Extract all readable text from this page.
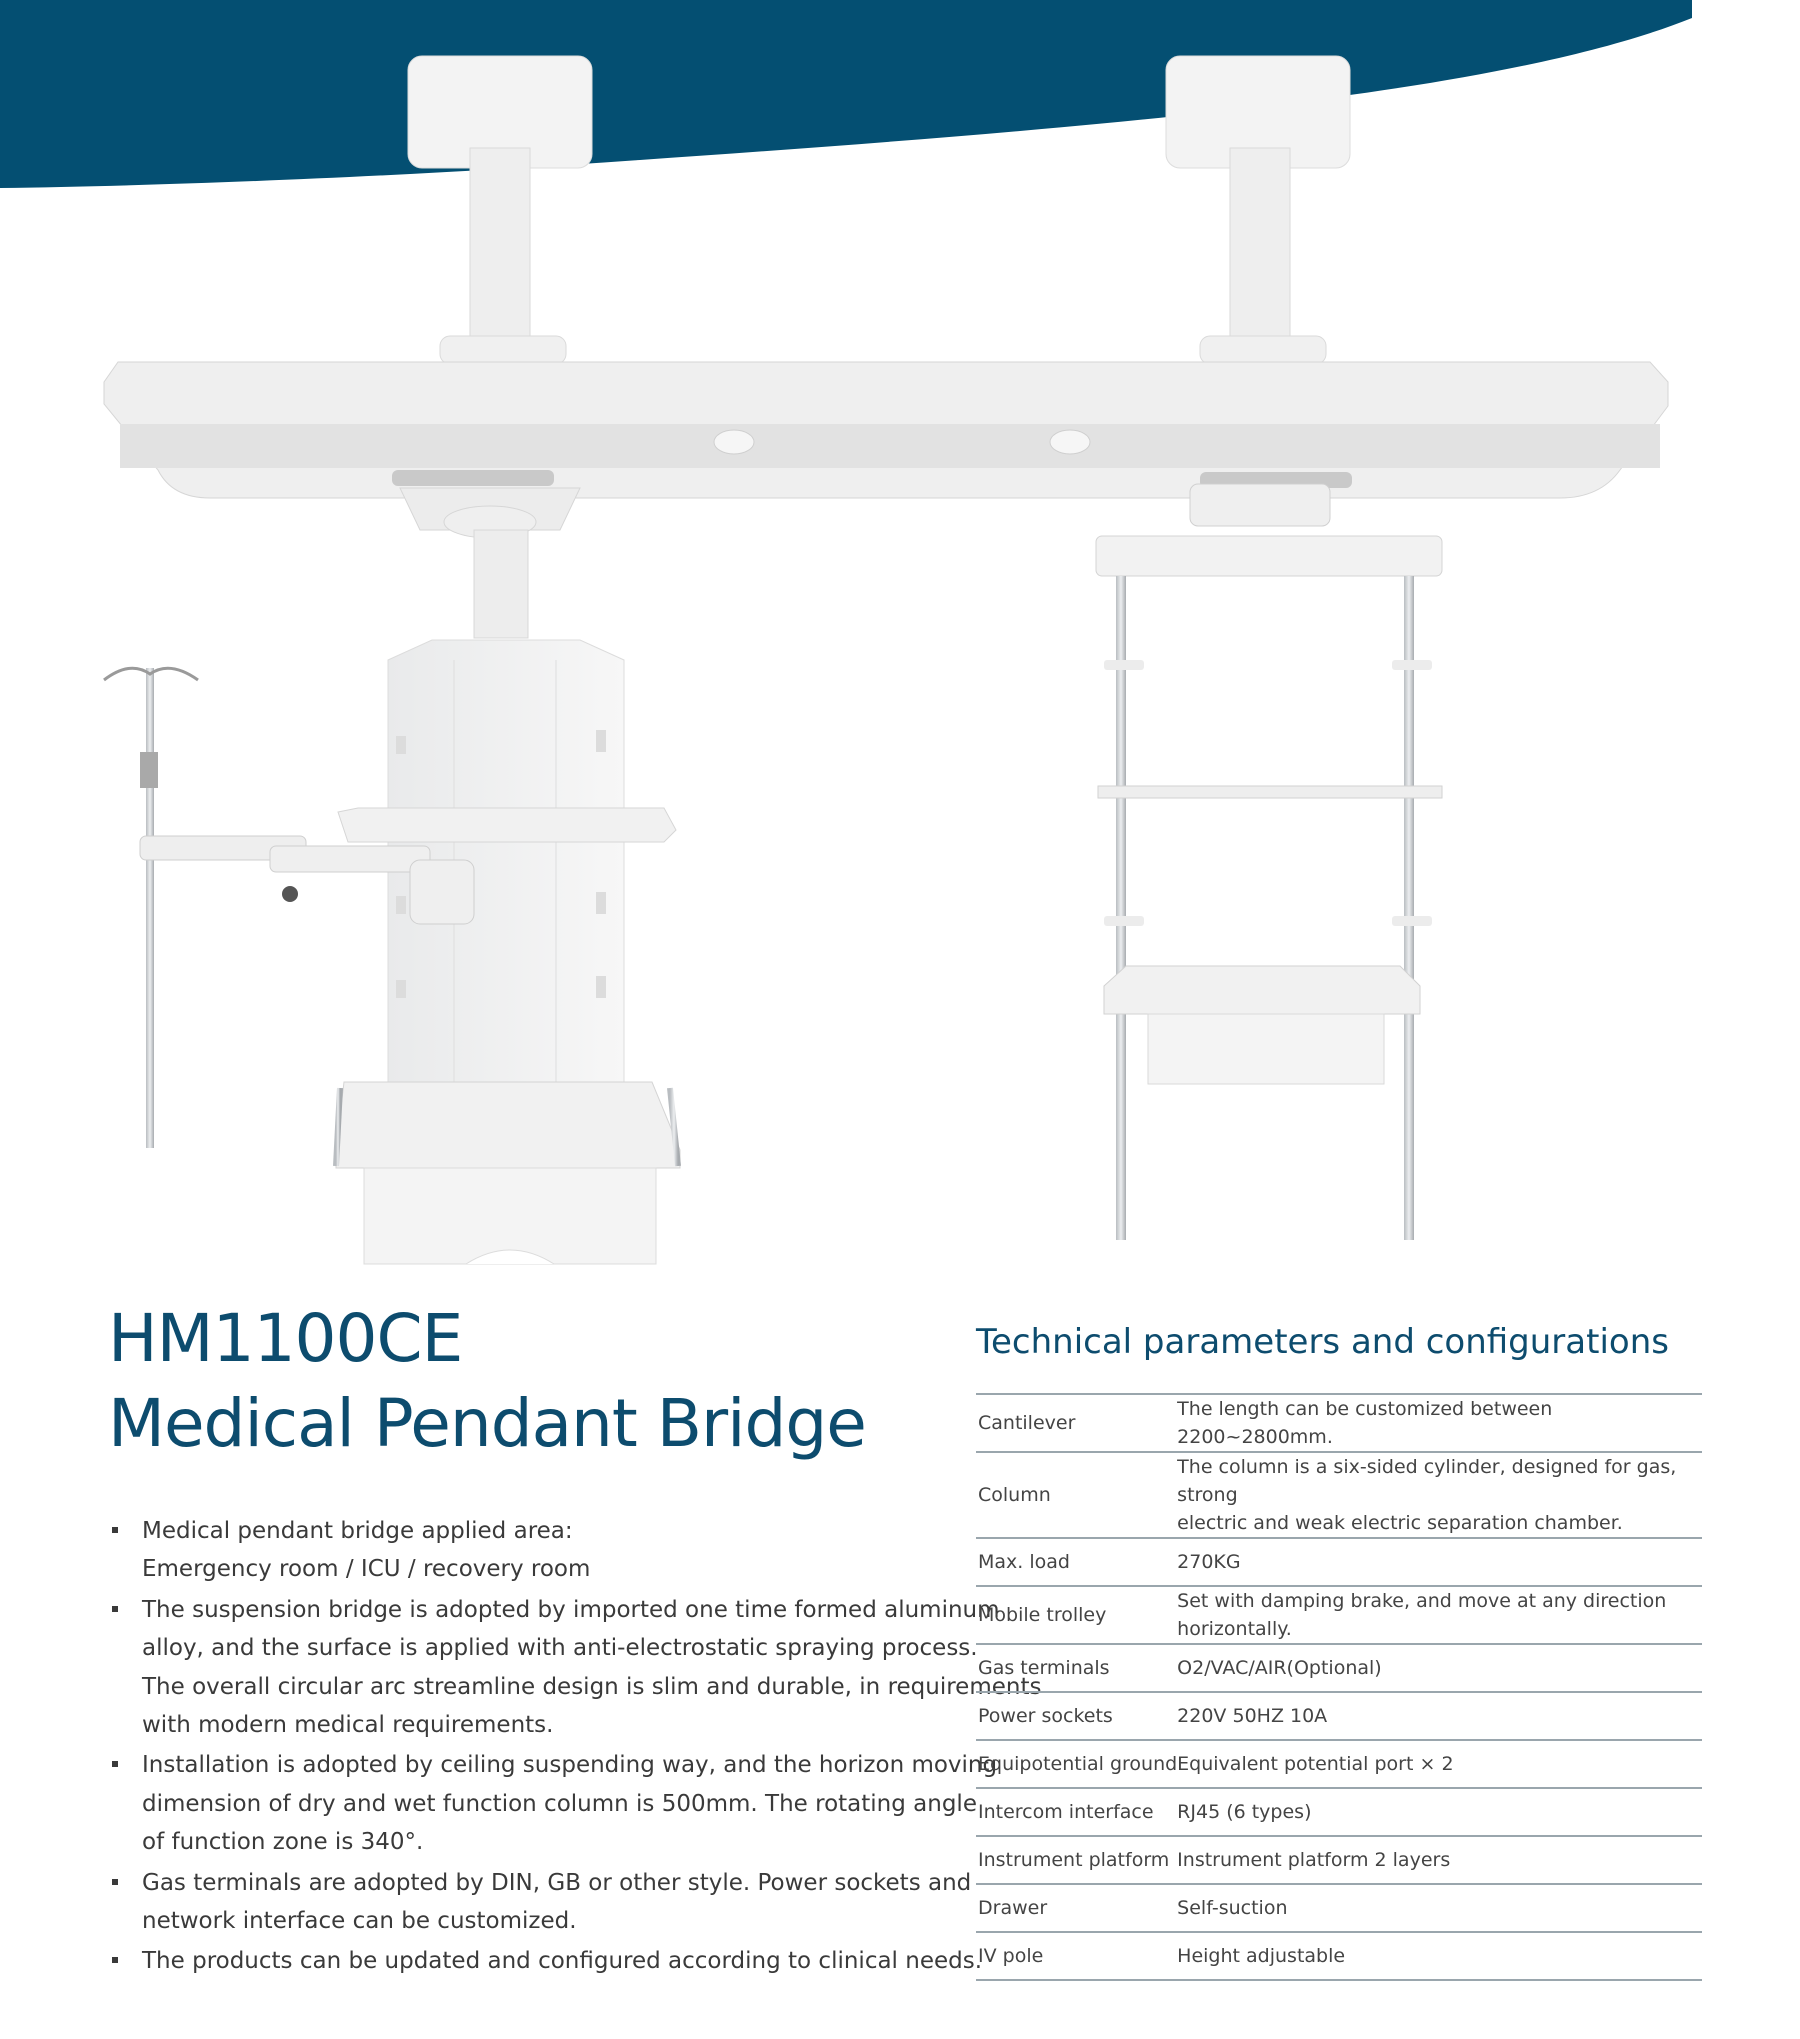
HM1100CE
Medical Pendant Bridge
Medical pendant bridge applied area:
Emergency room / ICU / recovery room
The suspension bridge is adopted by imported one time formed aluminum
alloy, and the surface is applied with anti-electrostatic spraying process.
The overall circular arc streamline design is slim and durable, in requirements
with modern medical requirements.
Installation is adopted by ceiling suspending way, and the horizon moving
dimension of dry and wet function column is 500mm. The rotating angle
of function zone is 340°.
Gas terminals are adopted by DIN, GB or other style. Power sockets and
network interface can be customized.
The products can be updated and configured according to clinical needs.
Technical parameters and configurations
Cantilever	The length can be customized between 2200~2800mm.

Column	The column is a six-sided cylinder, designed for gas, strong
electric and weak electric separation chamber.

Max. load	270KG

Mobile trolley	Set with damping brake, and move at any direction horizontally.

Gas terminals	O2/VAC/AIR(Optional)

Power sockets	220V 50HZ 10A

Equipotential ground	Equivalent potential port × 2

Intercom interface	RJ45 (6 types)

Instrument platform	Instrument platform 2 layers

Drawer	Self-suction

IV pole	Height adjustable
